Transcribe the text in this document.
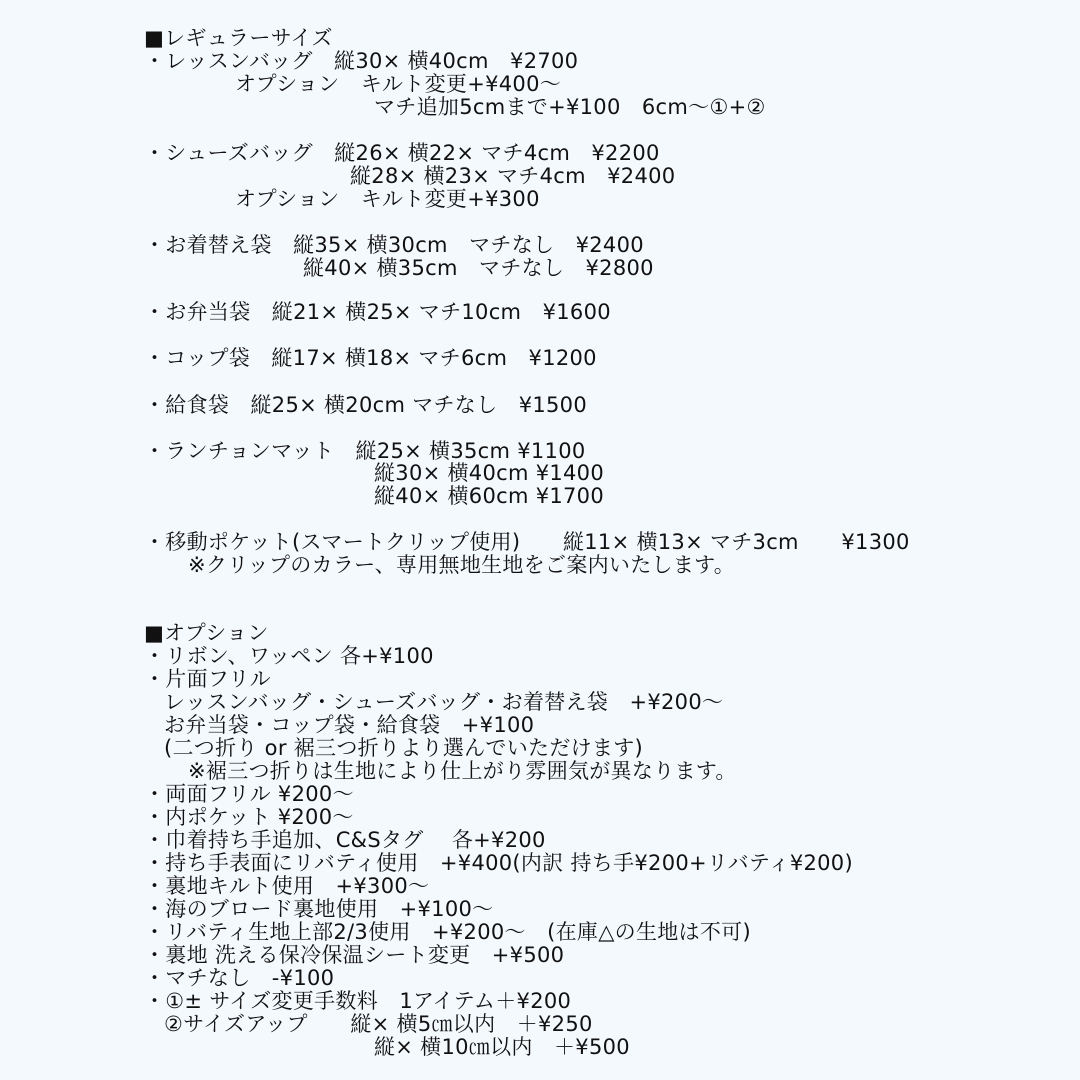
■レギュラーサイズ
・レッスンバッグ　縦30× 横40cm　¥2700
オプション　キルト変更+¥400〜
マチ追加5cmまで+¥100　6cm〜①+②
・シューズバッグ　縦26× 横22× マチ4cm　¥2200
縦28× 横23× マチ4cm　¥2400
オプション　キルト変更+¥300
・お着替え袋　縦35× 横30cm　マチなし　¥2400
縦40× 横35cm　マチなし　¥2800
・お弁当袋　縦21× 横25× マチ10cm　¥1600
・コップ袋　縦17× 横18× マチ6cm　¥1200
・給食袋　縦25× 横20cm マチなし　¥1500
・ランチョンマット　縦25× 横35cm ¥1100
縦30× 横40cm ¥1400
縦40× 横60cm ¥1700
・移動ポケット(スマートクリップ使用)　　縦11× 横13× マチ3cm　　¥1300
※クリップのカラー、専用無地生地をご案内いたします。
■オプション
・リボン、ワッペン 各+¥100
・片面フリル
レッスンバッグ・シューズバッグ・お着替え袋　+¥200〜
お弁当袋・コップ袋・給食袋　+¥100
(二つ折り or 裾三つ折りより選んでいただけます)
※裾三つ折りは生地により仕上がり雰囲気が異なります。
・両面フリル ¥200〜
・内ポケット ¥200〜
・巾着持ち手追加、C&Sタグ　 各+¥200
・持ち手表面にリバティ使用　+¥400(内訳 持ち手¥200+リバティ¥200)
・裏地キルト使用　+¥300〜
・海のブロード裏地使用　+¥100〜
・リバティ生地上部2/3使用　+¥200〜　(在庫△の生地は不可)
・裏地 洗える保冷保温シート変更　+¥500
・マチなし　-¥100
・①± サイズ変更手数料　1アイテム＋¥200
②サイズアップ　　縦× 横5㎝以内　＋¥250
縦× 横10㎝以内　＋¥500
